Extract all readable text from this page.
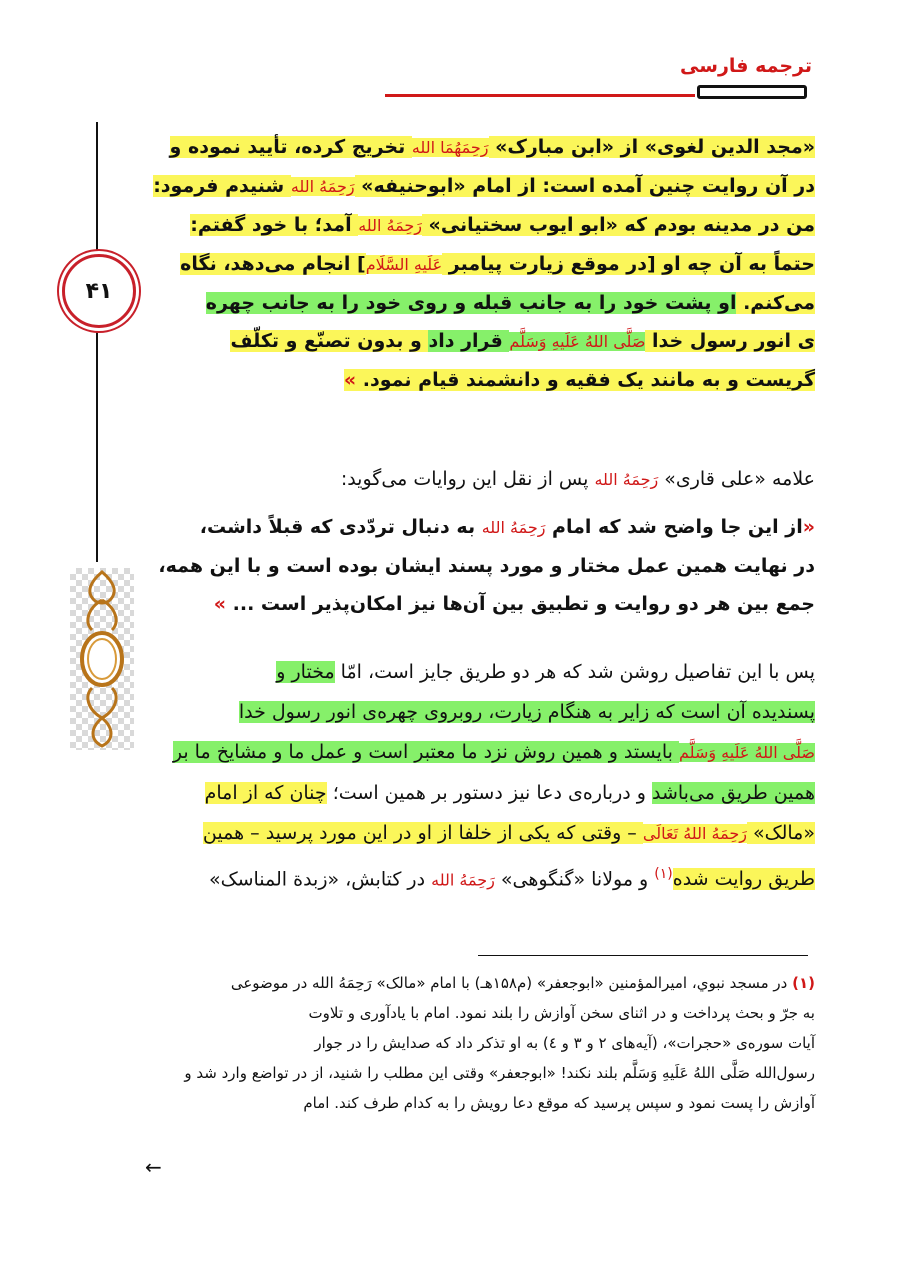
ترجمه فارسی
۴۱
«مجد الدین لغوی» از «ابن مبارک» رَحِمَهُمَا الله تخریج کرده، تأیید نموده و
در آن روایت چنین آمده است: از امام «ابوحنیفه» رَحِمَهُ الله شنیدم فرمود:
من در مدینه بودم که «ابو ایوب سختیانی» رَحِمَهُ الله آمد؛ با خود گفتم:
حتماً به آن چه او [در موقع زیارت پیامبر عَلَيهِ السَّلَام] انجام می‌دهد، نگاه
می‌کنم. او پشت خود را به جانب قبله و روی خود را به جانب چهره
ی انور رسول خدا صَلَّى اللهُ عَلَيهِ وَسَلَّم قرار داد و بدون تصنّع و تکلّف
گریست و به مانند یک فقیه و دانشمند قیام نمود. »
علامه «علی قاری» رَحِمَهُ الله پس از نقل این روایات می‌گوید:
«از این جا واضح شد که امام رَحِمَهُ الله به دنبال تردّدی که قبلاً داشت،
در نهایت همین عمل مختار و مورد پسند ایشان بوده است و با این همه،
جمع بین هر دو روایت و تطبیق بین آن‌ها نیز امکان‌پذیر است ... »
پس با این تفاصیل روشن شد که هر دو طریق جایز است، امّا مختار و
پسندیده آن است که زایر به هنگام زیارت، روبروی چهره‌ی انور رسول خدا
صَلَّى اللهُ عَلَيهِ وَسَلَّم بایستد و همین روش نزد ما معتبر است و عمل ما و مشایخ ما بر
همین طریق می‌باشد و درباره‌ی دعا نیز دستور بر همین است؛ چنان که از امام
«مالک» رَحِمَهُ اللهُ تَعَالَى – وقتی که یکی از خلفا از او در این مورد پرسید – همین
طریق روایت شده$^{(۱)}$ و مولانا «گنگوهی» رَحِمَهُ الله در کتابش، «زبدة المناسک»
(۱) در مسجد نبوي، امیرالمؤمنین «ابوجعفر» (م۱۵۸هـ) با امام «مالک» رَحِمَهُ الله در موضوعی
به جرّ و بحث پرداخت و در اثنای سخن آوازش را بلند نمود. امام با یادآوری و تلاوت
آیات سوره‌ی «حجرات»، (آیه‌های ۲ و ۳ و ٤) به او تذکر داد که صدایش را در جوار
رسول‌الله صَلَّى اللهُ عَلَيهِ وَسَلَّم بلند نکند! «ابوجعفر» وقتی این مطلب را شنید، از در تواضع وارد شد و
آوازش را پست نمود و سپس پرسید که موقع دعا رویش را به کدام طرف کند. امام
←
